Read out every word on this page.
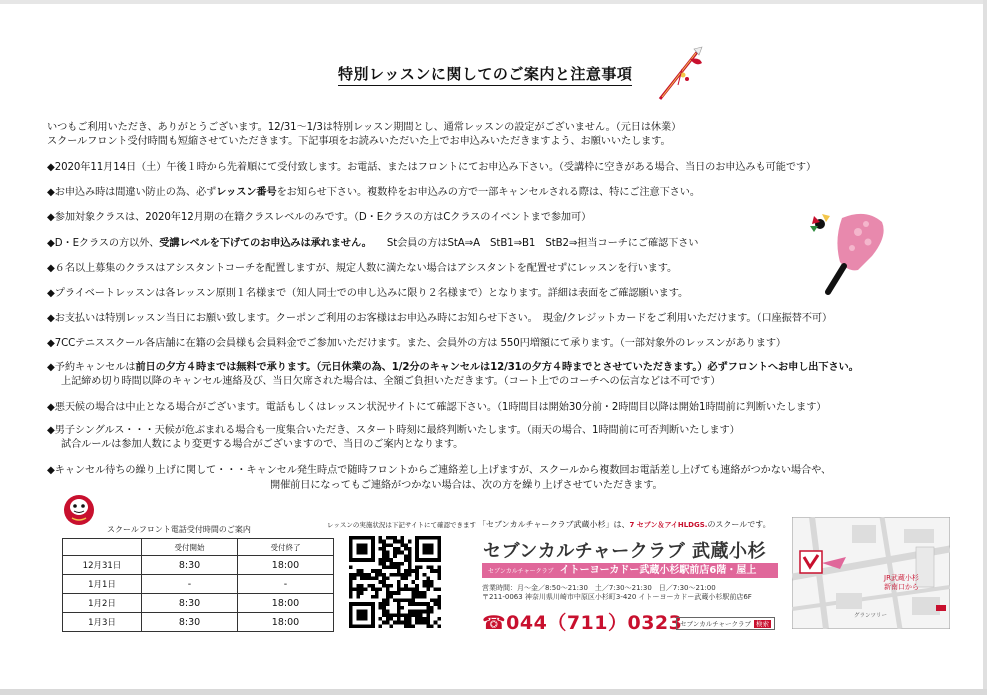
特別レッスンに関してのご案内と注意事項
いつもご利用いただき、ありがとうございます。12/31～1/3は特別レッスン期間とし、通常レッスンの設定がございません。（元日は休業）
スクールフロント受付時間も短縮させていただきます。下記事項をお読みいただいた上でお申込みいただきますよう、お願いいたします。
◆2020年11月14日（土）午後１時から先着順にて受付致します。お電話、またはフロントにてお申込み下さい。（受講枠に空きがある場合、当日のお申込みも可能です）
◆お申込み時は間違い防止の為、必ずレッスン番号をお知らせ下さい。複数枠をお申込みの方で一部キャンセルされる際は、特にご注意下さい。
◆参加対象クラスは、2020年12月期の在籍クラスレベルのみです。（D・Eクラスの方はCクラスのイベントまで参加可）
◆D・Eクラスの方以外、受講レベルを下げてのお申込みは承れません。　　St会員の方はStA⇒A　StB1⇒B1　StB2⇒担当コーチにご確認下さい
◆６名以上募集のクラスはアシスタントコーチを配置しますが、規定人数に満たない場合はアシスタントを配置せずにレッスンを行います。
◆プライベートレッスンは各レッスン原則１名様まで（知人同士での申し込みに限り２名様まで）となります。詳細は表面をご確認願います。
◆お支払いは特別レッスン当日にお願い致します。クーポンご利用のお客様はお申込み時にお知らせ下さい。　現金/クレジットカードをご利用いただけます。（口座振替不可）
◆7CCテニススクール各店舗に在籍の会員様も会員料金でご参加いただけます。また、会員外の方は 550円増額にて承ります。（一部対象外のレッスンがあります）
◆予約キャンセルは前日の夕方４時までは無料で承ります。（元日休業の為、1/2分のキャンセルは12/31の夕方４時までとさせていただきます。）必ずフロントへお申し出下さい。
上記締め切り時間以降のキャンセル連絡及び、当日欠席された場合は、全額ご負担いただきます。（コート上でのコーチへの伝言などは不可です）
◆悪天候の場合は中止となる場合がございます。電話もしくはレッスン状況サイトにて確認下さい。（1時間目は開始30分前・2時間目以降は開始1時間前に判断いたします）
◆男子シングルス・・・天候が危ぶまれる場合も一度集合いただき、スタート時刻に最終判断いたします。（雨天の場合、1時間前に可否判断いたします）
試合ルールは参加人数により変更する場合がございますので、当日のご案内となります。
◆キャンセル待ちの繰り上げに関して・・・キャンセル発生時点で随時フロントからご連絡差し上げますが、スクールから複数回お電話差し上げても連絡がつかない場合や、
開催前日になってもご連絡がつかない場合は、次の方を繰り上げさせていただきます。
スクールフロント電話受付時間のご案内
	受付開始	受付終了
12月31日	8:30	18:00
1月1日	-	-
1月2日	8:30	18:00
1月3日	8:30	18:00
レッスンの実施状況は下記サイトにて確認できます 「セブンカルチャークラブ武蔵小杉」は、7 セブン＆アイHLDGS.のスクールです。
セブンカルチャークラブ 武蔵小杉
セブンカルチャークラブ イトーヨーカドー武蔵小杉駅前店6階・屋上
営業時間：月～金／8:50～21:30　土／7:30～21:30　日／7:30～21:00
〒211-0063 神奈川県川崎市中原区小杉町3-420 イトーヨーカドー武蔵小杉駅前店6F
☎044（711）0323
セブンカルチャークラブ 検索
JR武蔵小杉
新南口から
グランツリー
